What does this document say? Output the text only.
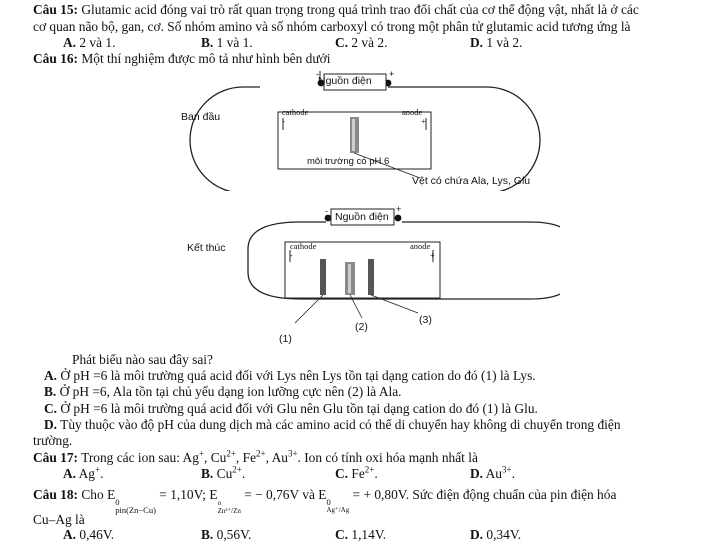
Câu 15: Glutamic acid đóng vai trò rất quan trọng trong quá trình trao đổi chất của cơ thể động vật, nhất là ở các
cơ quan não bộ, gan, cơ. Số nhóm amino và số nhóm carboxyl có trong một phân tử glutamic acid tương ứng là
A. 2 và 1.	B. 1 và 1.	C. 2 và 2.	D. 1 và 2.
Câu 16: Một thí nghiệm được mô tả như hình bên dưới
Nguồn điện
-	+
Ban đầu	cathode	anode
-	+
môi trường có pH 6
Vệt có chứa Ala, Lys, Glu
Nguồn điện
-	+
Kết thúc	cathode	anode
-	+
(1)
(2)
(3)
Phát biểu nào sau đây sai?
A. Ở pH =6 là môi trường quá acid đối với Lys nên Lys tồn tại dạng cation do đó (1) là Lys.
B. Ở pH =6, Ala tồn tại chủ yếu dạng ion lưỡng cực nên (2) là Ala.
C. Ở pH =6 là môi trường quá acid đối với Glu nên Glu tồn tại dạng cation do đó (1) là Glu.
D. Tùy thuộc vào độ pH của dung dịch mà các amino acid có thể di chuyển hay không di chuyển trong điện
trường.
Câu 17: Trong các ion sau: Ag+, $Cu^{2+}$, $Fe^{2+}$, $Au^{3+}$. Ion có tính oxi hóa mạnh nhất là
A. Ag+.	B. $Cu^{2+}$.	C. $Fe^{2+}$.	D. $Au^{3+}$.
Câu 18: Cho E 0
pin(Zn−Cu)
= 1,10V; E
o
Zn²⁺/Zn
= − 0,76V và E 0
Ag⁺/Ag
= + 0,80V. Sức điện động chuẩn của pin điện hóa
Cu–Ag là
A. 0,46V.	B. 0,56V.	C. 1,14V.	D. 0,34V.
